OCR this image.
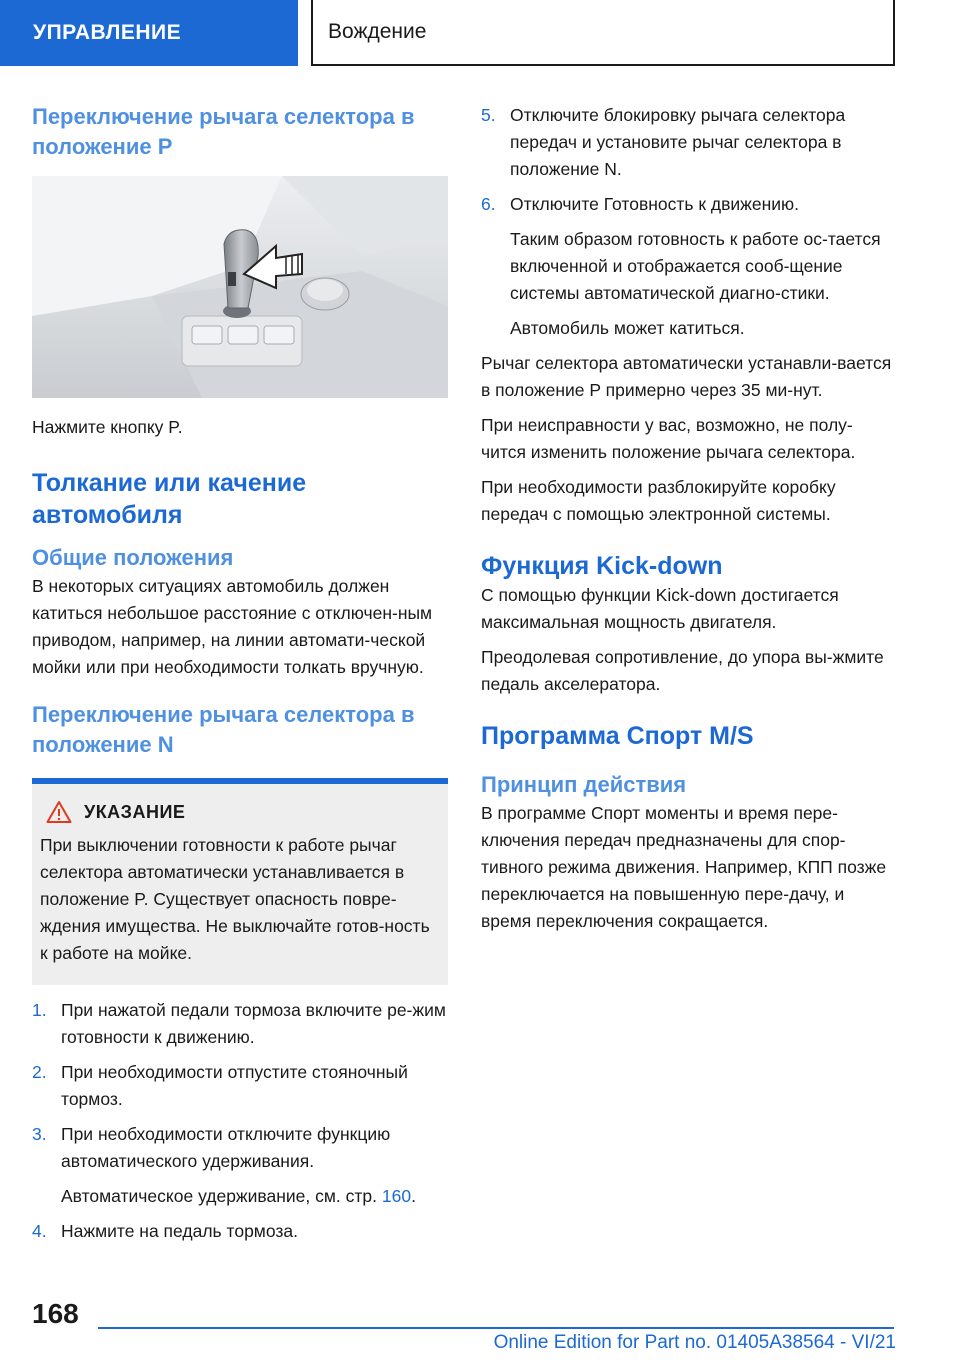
УПРАВЛЕНИЕ	Вождение
Переключение рычага селектора в положение P

Нажмите кнопку P.

Толкание или качение автомобиля
Общие положения

В некоторых ситуациях автомобиль должен катиться небольшое расстояние с отключен‐ным приводом, например, на линии автомати‐ческой мойки или при необходимости толкать вручную.

Переключение рычага селектора в положение N
УКАЗАНИЕ

При выключении готовности к работе рычаг селектора автоматически устанавливается в положение P. Существует опасность повре‐ждения имущества. Не выключайте готов‐ность к работе на мойке.

1. При нажатой педали тормоза включите ре‐жим готовности к движению.
2. При необходимости отпустите стояночный тормоз.
3. При необходимости отключите функцию автоматического удерживания.
Автоматическое удерживание, см. стр. 160.
4. Нажмите на педаль тормоза.
5. Отключите блокировку рычага селектора передач и установите рычаг селектора в положение N.
6. Отключите Готовность к движению.
Таким образом готовность к работе ос‐тается включенной и отображается сооб‐щение системы автоматической диагно‐стики.
Автомобиль может катиться.

Рычаг селектора автоматически устанавли‐вается в положение P примерно через 35 ми‐нут.

При неисправности у вас, возможно, не полу‐чится изменить положение рычага селектора.

При необходимости разблокируйте коробку передач с помощью электронной системы.

Функция Kick-down

С помощью функции Kick-down достигается максимальная мощность двигателя.

Преодолевая сопротивление, до упора вы‐жмите педаль акселератора.

Программа Спорт M/S
Принцип действия

В программе Спорт моменты и время пере‐ключения передач предназначены для спор‐тивного режима движения. Например, КПП позже переключается на повышенную пере‐дачу, и время переключения сокращается.

168
Online Edition for Part no. 01405A38564 - VI/21
